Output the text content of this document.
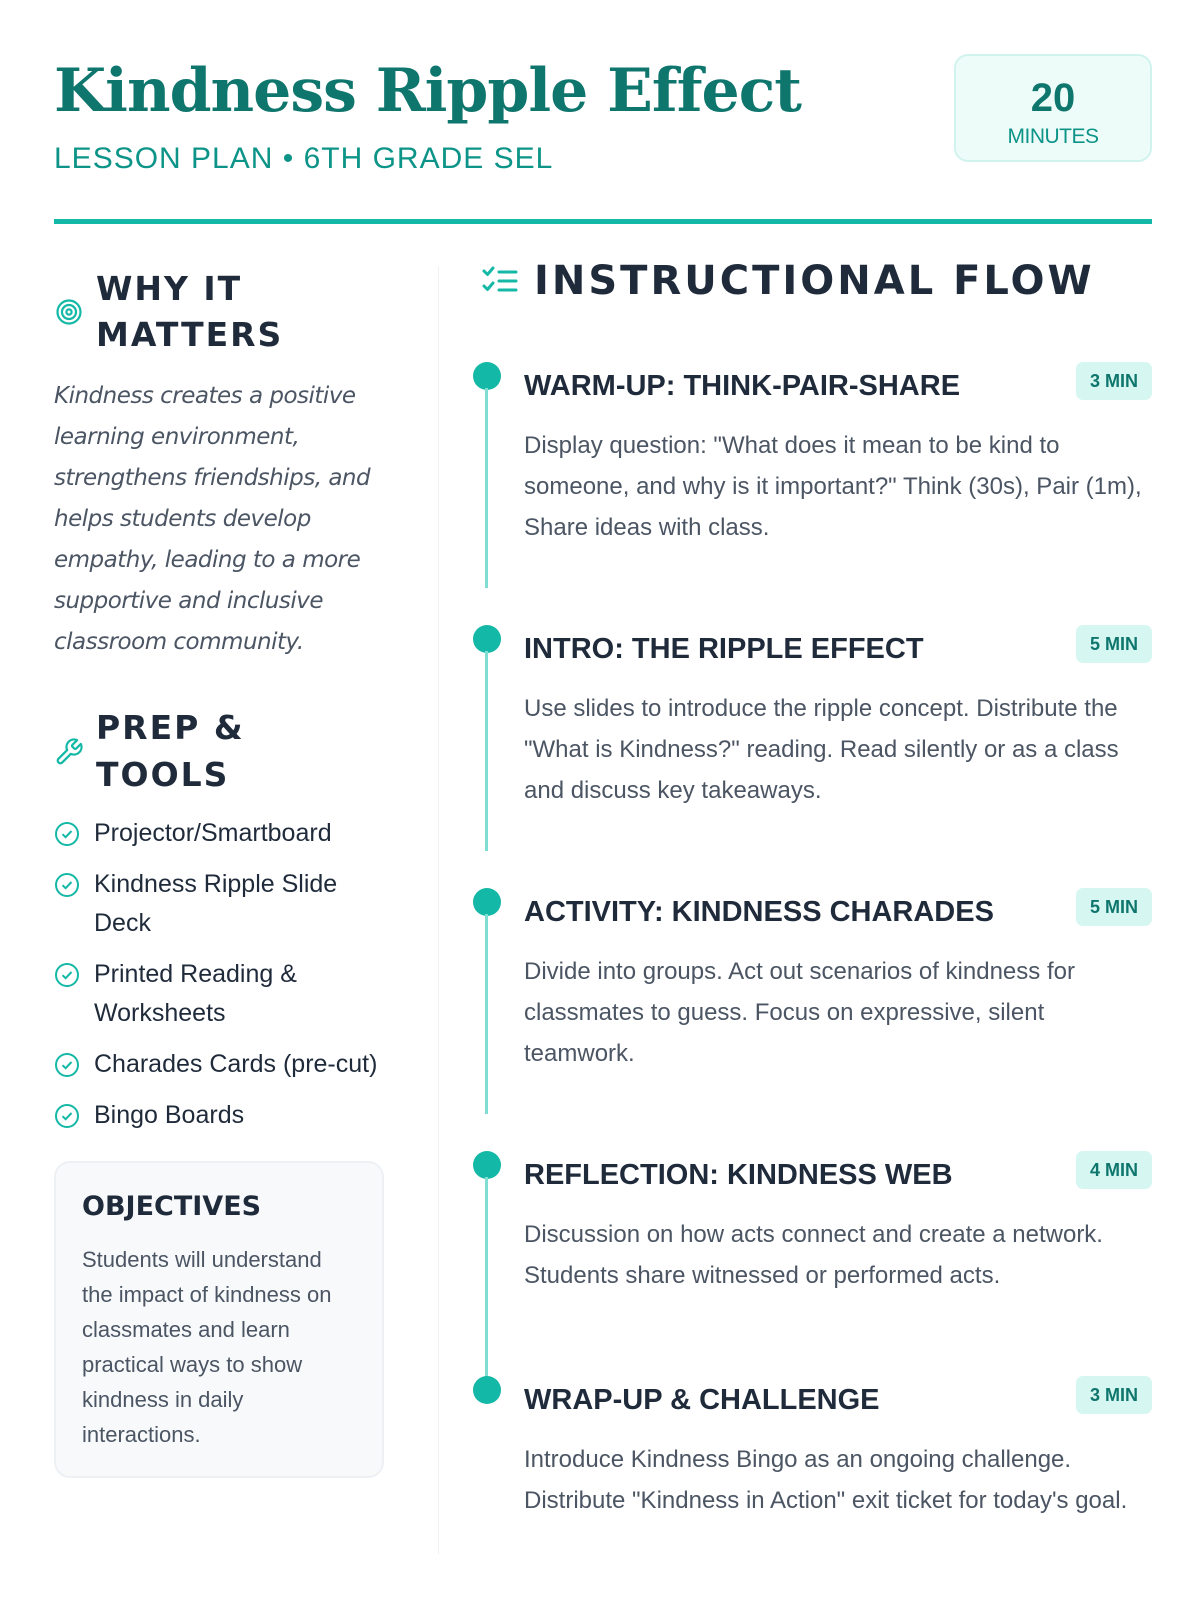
Kindness Ripple Effect
LESSON PLAN • 6TH GRADE SEL
20
MINUTES
WHY IT MATTERS

Kindness creates a positive learning environment, strengthens friendships, and helps students develop empathy, leading to a more supportive and inclusive classroom community.

PREP & TOOLS
Projector/Smartboard
Kindness Ripple Slide Deck
Printed Reading & Worksheets
Charades Cards (pre-cut)
Bingo Boards
OBJECTIVES

Students will understand the impact of kindness on classmates and learn practical ways to show kindness in daily interactions.

INSTRUCTIONAL FLOW
WARM-UP: THINK-PAIR-SHARE	3 MIN

Display question: "What does it mean to be kind to someone, and why is it important?" Think (30s), Pair (1m), Share ideas with class.

INTRO: THE RIPPLE EFFECT	5 MIN

Use slides to introduce the ripple concept. Distribute the "What is Kindness?" reading. Read silently or as a class and discuss key takeaways.

ACTIVITY: KINDNESS CHARADES	5 MIN

Divide into groups. Act out scenarios of kindness for classmates to guess. Focus on expressive, silent teamwork.

REFLECTION: KINDNESS WEB	4 MIN

Discussion on how acts connect and create a network. Students share witnessed or performed acts.

WRAP-UP & CHALLENGE	3 MIN

Introduce Kindness Bingo as an ongoing challenge. Distribute "Kindness in Action" exit ticket for today's goal.
